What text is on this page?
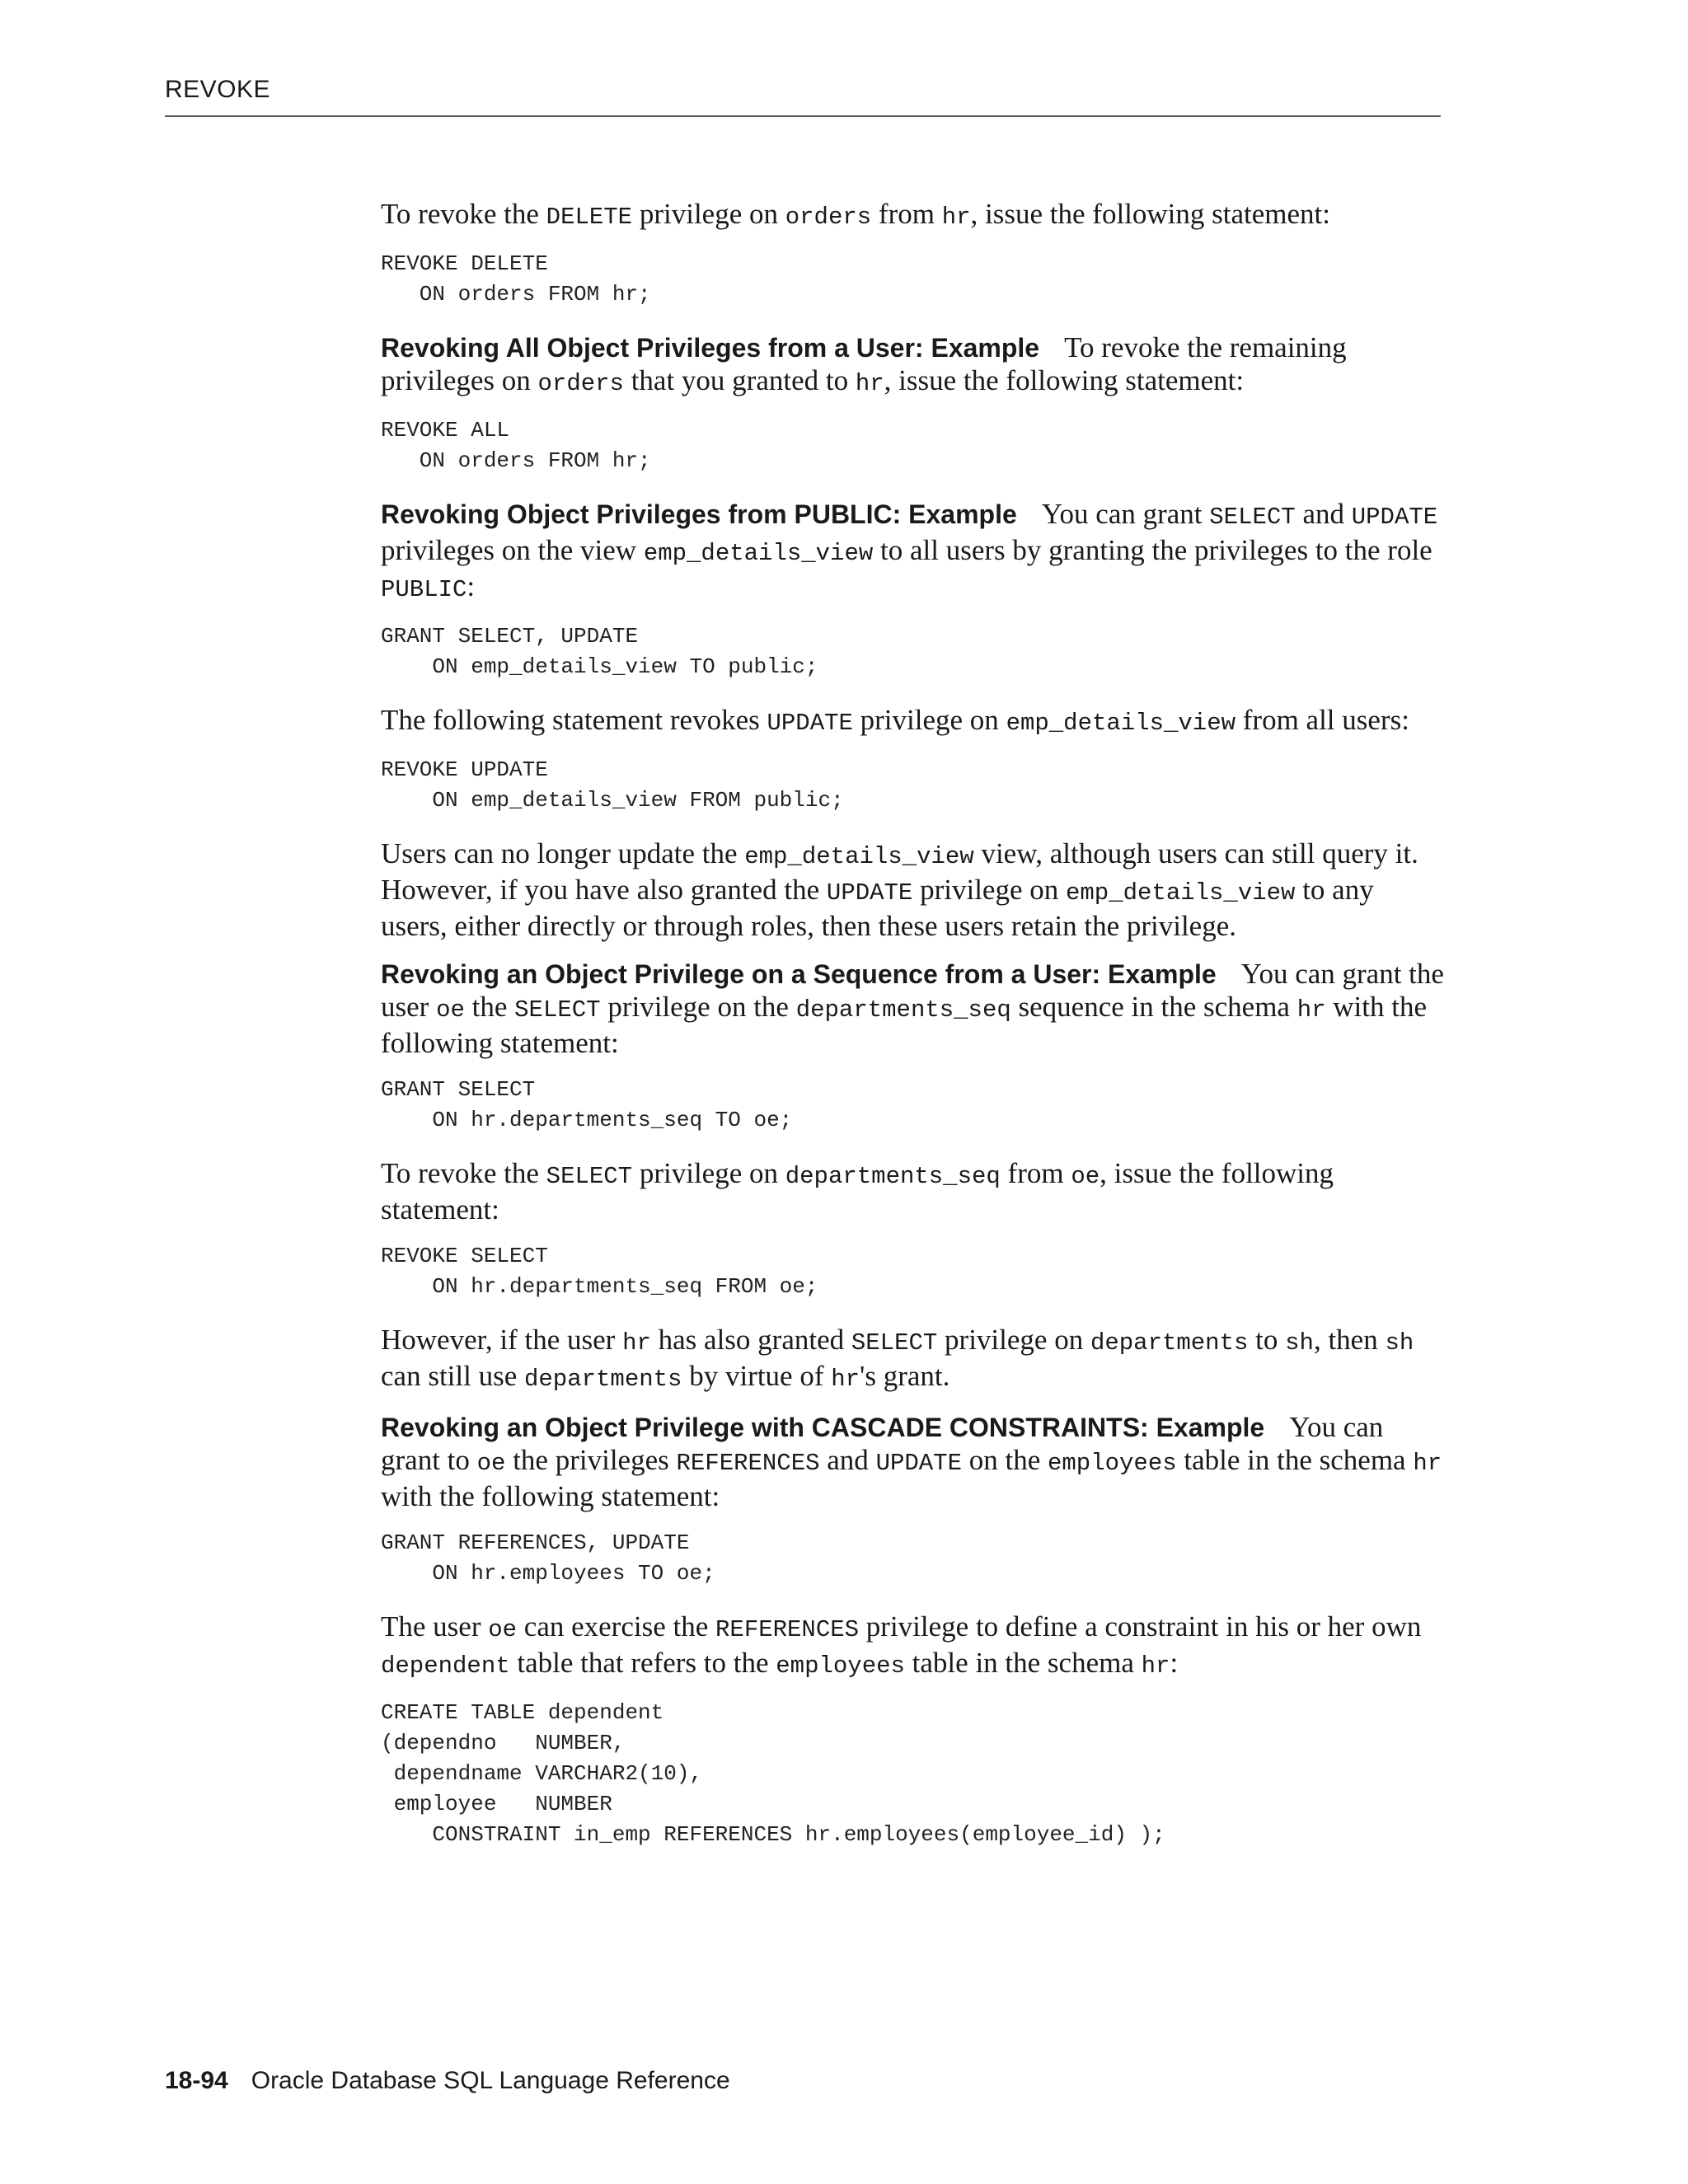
REVOKE

To revoke the DELETE privilege on orders from hr, issue the following statement:

REVOKE DELETE
ON orders FROM hr;

Revoking All Object Privileges from a User: Example To revoke the remaining privileges on orders that you granted to hr, issue the following statement:

REVOKE ALL
ON orders FROM hr;

Revoking Object Privileges from PUBLIC: Example You can grant SELECT and UPDATE privileges on the view emp_details_view to all users by granting the privileges to the role PUBLIC:

GRANT SELECT, UPDATE
ON emp_details_view TO public;

The following statement revokes UPDATE privilege on emp_details_view from all users:

REVOKE UPDATE
ON emp_details_view FROM public;

Users can no longer update the emp_details_view view, although users can still query it. However, if you have also granted the UPDATE privilege on emp_details_view to any users, either directly or through roles, then these users retain the privilege.

Revoking an Object Privilege on a Sequence from a User: Example You can grant the user oe the SELECT privilege on the departments_seq sequence in the schema hr with the following statement:

GRANT SELECT
ON hr.departments_seq TO oe;

To revoke the SELECT privilege on departments_seq from oe, issue the following statement:

REVOKE SELECT
ON hr.departments_seq FROM oe;

However, if the user hr has also granted SELECT privilege on departments to sh, then sh can still use departments by virtue of hr's grant.

Revoking an Object Privilege with CASCADE CONSTRAINTS: Example You can grant to oe the privileges REFERENCES and UPDATE on the employees table in the schema hr with the following statement:

GRANT REFERENCES, UPDATE
ON hr.employees TO oe;

The user oe can exercise the REFERENCES privilege to define a constraint in his or her own dependent table that refers to the employees table in the schema hr:

CREATE TABLE dependent
(dependno   NUMBER,
dependname VARCHAR2(10),
employee   NUMBER
CONSTRAINT in_emp REFERENCES hr.employees(employee_id) );
18-94 Oracle Database SQL Language Reference
